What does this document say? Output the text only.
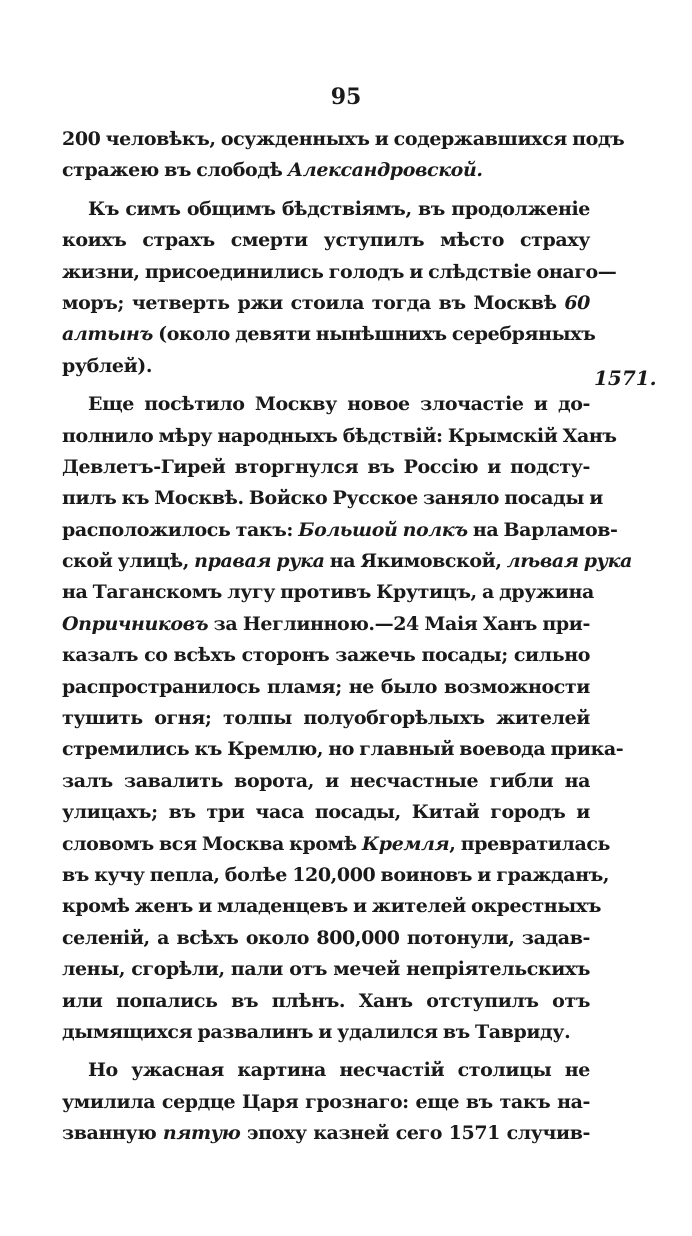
95
200 человѣкъ, осужденныхъ и содержавшихся подъ
стражею въ слободѣ Александровской.
Къ симъ общимъ бѣдствіямъ, въ продолженіе
коихъ страхъ смерти уступилъ мѣсто страху
жизни, присоединились голодъ и слѣдствіе онаго—
моръ; четверть ржи стоила тогда въ Москвѣ 60
алтынъ (около девяти нынѣшнихъ серебряныхъ
рублей).
Еще посѣтило Москву новое злочастіе и до-
полнило мѣру народныхъ бѣдствій: Крымскій Ханъ
Девлетъ-Гирей вторгнулся въ Россію и подсту-
пилъ къ Москвѣ. Войско Русское заняло посады и
расположилось такъ: Большой полкъ на Варламов-
ской улицѣ, правая рука на Якимовской, лѣвая рука
на Таганскомъ лугу противъ Крутицъ, а дружина
Опричниковъ за Неглинною.—24 Маія Ханъ при-
казалъ со всѣхъ сторонъ зажечь посады; сильно
распространилось пламя; не было возможности
тушить огня; толпы полуобгорѣлыхъ жителей
стремились къ Кремлю, но главный воевода прика-
залъ завалить ворота, и несчастные гибли на
улицахъ; въ три часа посады, Китай городъ и
словомъ вся Москва кромѣ Кремля, превратилась
въ кучу пепла, болѣе 120,000 воиновъ и гражданъ,
кромѣ женъ и младенцевъ и жителей окрестныхъ
селеній, а всѣхъ около 800,000 потонули, задав-
лены, сгорѣли, пали отъ мечей непріятельскихъ
или попались въ плѣнъ. Ханъ отступилъ отъ
дымящихся развалинъ и удалился въ Тавриду.
Но ужасная картина несчастій столицы не
умилила сердце Царя грознаго: еще въ такъ на-
званную пятую эпоху казней сего 1571 случив-
1571.
